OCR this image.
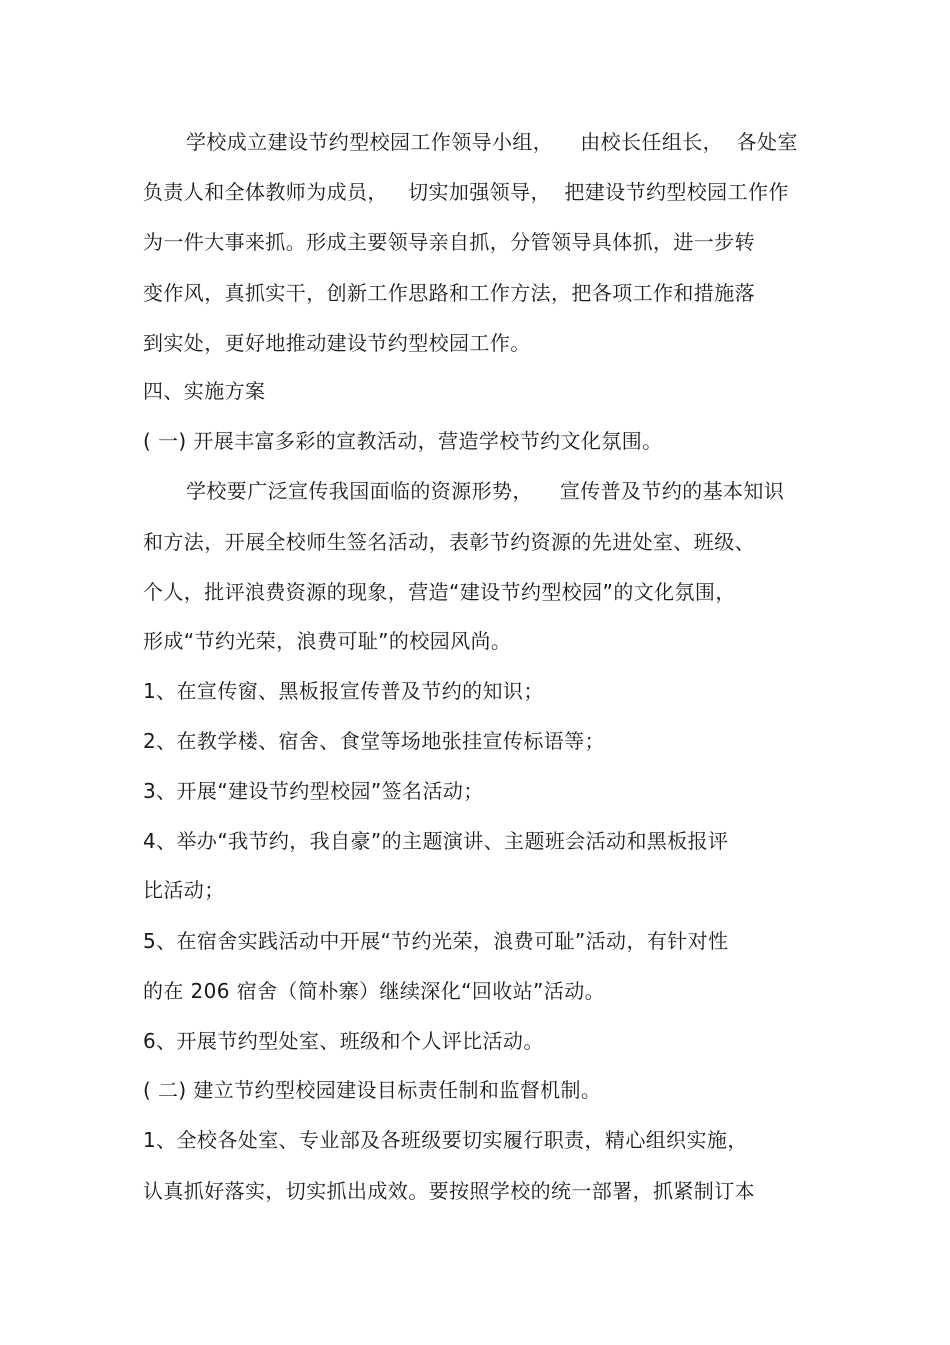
学校成立建设节约型校园工作领导小组，    由校长任组长，  各处室
负责人和全体教师为成员，   切实加强领导，  把建设节约型校园工作作
为一件大事来抓。形成主要领导亲自抓，分管领导具体抓，进一步转
变作风，真抓实干，创新工作思路和工作方法，把各项工作和措施落
到实处，更好地推动建设节约型校园工作。
四、实施方案
( 一) 开展丰富多彩的宣教活动，营造学校节约文化氛围。
学校要广泛宣传我国面临的资源形势，    宣传普及节约的基本知识
和方法，开展全校师生签名活动，表彰节约资源的先进处室、班级、
个人，批评浪费资源的现象，营造“建设节约型校园”的文化氛围，
形成“节约光荣，浪费可耻”的校园风尚。
1、在宣传窗、黑板报宣传普及节约的知识；
2、在教学楼、宿舍、食堂等场地张挂宣传标语等；
3、开展“建设节约型校园”签名活动；
4、举办“我节约，我自豪”的主题演讲、主题班会活动和黑板报评
比活动；
5、在宿舍实践活动中开展“节约光荣，浪费可耻”活动，有针对性
的在 206 宿舍（简朴寨）继续深化“回收站”活动。
6、开展节约型处室、班级和个人评比活动。
( 二) 建立节约型校园建设目标责任制和监督机制。
1、全校各处室、专业部及各班级要切实履行职责，精心组织实施，
认真抓好落实，切实抓出成效。要按照学校的统一部署，抓紧制订本
